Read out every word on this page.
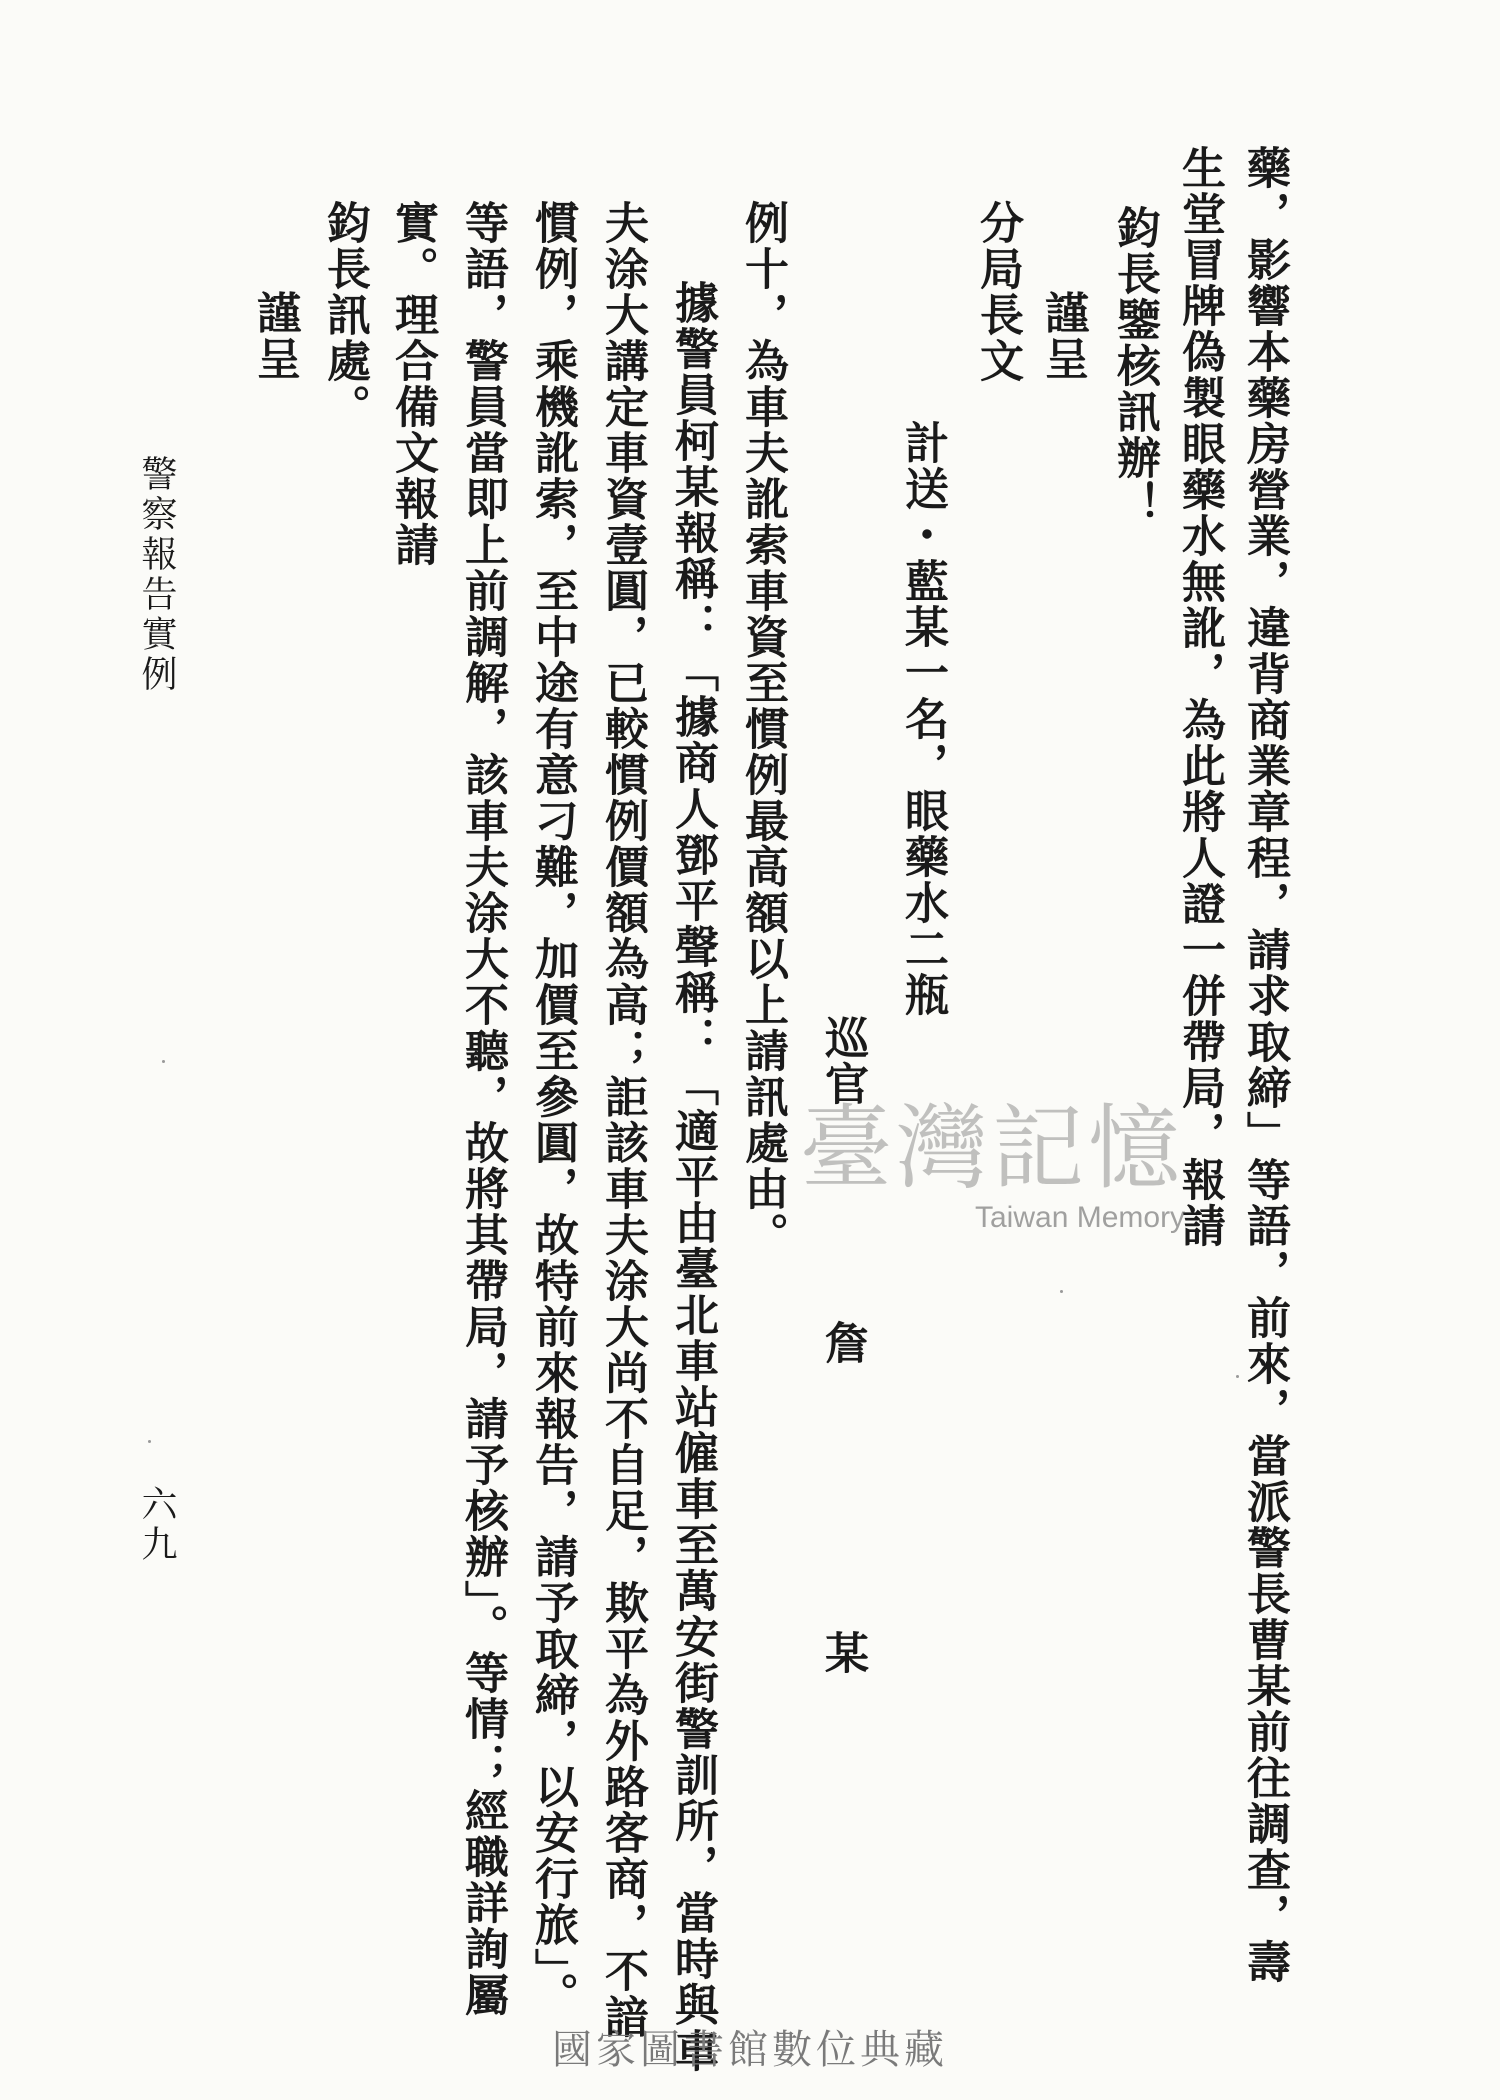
藥，影響本藥房營業，違背商業章程，請求取締」等語，前來，當派警長曹某前往調查，壽
生堂冒牌偽製眼藥水無訛，為此將人證一併帶局，報請
鈞長鑒核訊辦！
謹呈
分局長文
計送・藍某一名，眼藥水二瓶
巡官
詹
某
例十，為車夫訛索車資至慣例最高額以上請訊處由。
據警員柯某報稱：「據商人鄧平聲稱：「適平由臺北車站僱車至萬安街警訓所，當時與車
夫涂大講定車資壹圓，已較慣例價額為高；詎該車夫涂大尚不自足，欺平為外路客商，不諳
慣例，乘機訛索，至中途有意刁難，加價至參圓，故特前來報告，請予取締，以安行旅」。
等語，警員當即上前調解，該車夫涂大不聽，故將其帶局，請予核辦」。等情；經職詳詢屬
實。理合備文報請
鈞長訊處。
謹呈
警察報告實例
六九
臺灣記憶
Taiwan Memory
國家圖書館數位典藏
